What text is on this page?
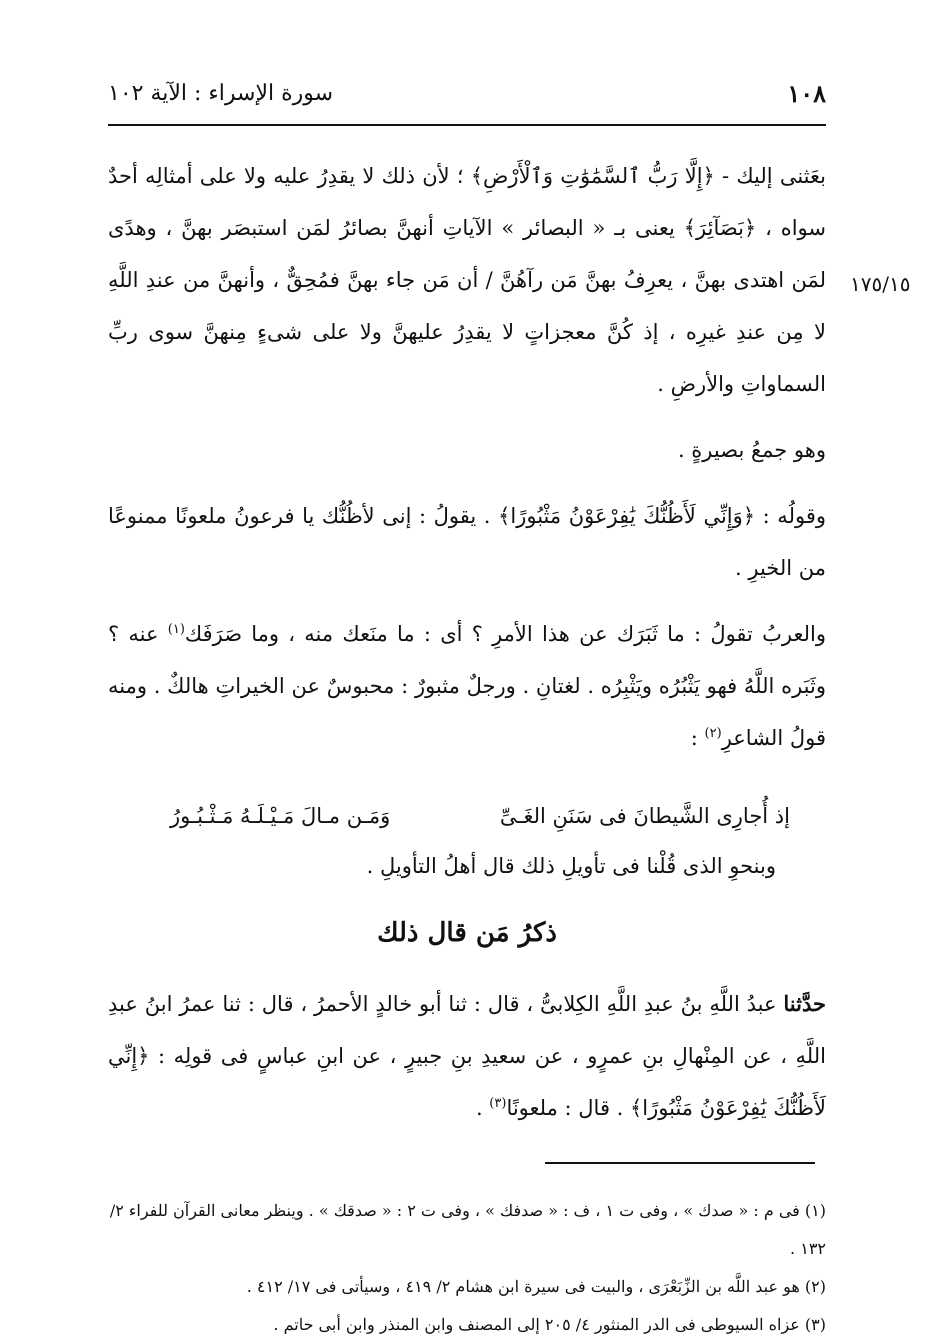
١٠٨
سورة الإسراء : الآية ١٠٢
١٧٥/١٥

بعَثنى إليك - ﴿إِلَّا رَبُّ ٱلسَّمَٰوَٰتِ وَٱلْأَرْضِ﴾ ؛ لأن ذلك لا يقدِرُ عليه ولا على أمثالِه أحدٌ سواه ، ﴿بَصَآئِرَ﴾ يعنى بـ « البصائر » الآياتِ أنهنَّ بصائرُ لمَن استبصَر بهنَّ ، وهدًى لمَن اهتدى بهنَّ ، يعرِفُ بهنَّ مَن رآهُنَّ / أن مَن جاء بهنَّ فمُحِقٌّ ، وأنهنَّ من عندِ اللَّهِ لا مِن عندِ غيرِه ، إذ كُنَّ معجزاتٍ لا يقدِرُ عليهنَّ ولا على شىءٍ مِنهنَّ سوى ربِّ السماواتِ والأرضِ .

وهو جمعُ بصيرةٍ .

وقولُه : ﴿وَإِنِّي لَأَظُنُّكَ يَٰفِرْعَوْنُ مَثْبُورًا﴾ . يقولُ : إنى لأظُنُّك يا فرعونُ ملعونًا ممنوعًا من الخيرِ .

والعربُ تقولُ : ما ثَبَرَك عن هذا الأمرِ ؟ أى : ما منَعك منه ، وما صَرَفَك$^{(١)}$ عنه ؟ وثَبَره اللَّهُ فهو يَثْبُرُه ويَثْبِرُه . لغتانِ . ورجلٌ مثبورٌ : محبوسٌ عن الخيراتِ هالكٌ . ومنه قولُ الشاعرِ$^{(٢)}$ :

إذ أُجارِى الشَّيطانَ فى سَنَنِ الغَـىِّ
وَمَـن مـالَ مَـيْـلَـهُ مَـثْـبُـورُ
وبنحوِ الذى قُلْنا فى تأويلِ ذلك قال أهلُ التأويلِ .
ذكرُ مَن قال ذلك

حدَّثنا عبدُ اللَّهِ بنُ عبدِ اللَّهِ الكِلابىُّ ، قال : ثنا أبو خالدٍ الأحمرُ ، قال : ثنا عمرُ ابنُ عبدِ اللَّهِ ، عن المِنْهالِ بنِ عمرٍو ، عن سعيدِ بنِ جبيرٍ ، عن ابنِ عباسٍ فى قولِه : ﴿إِنِّي لَأَظُنُّكَ يَٰفِرْعَوْنُ مَثْبُورًا﴾ . قال : ملعونًا$^{(٣)}$ .

(١) فى م : « صدك » ، وفى ت ١ ، ف : « صدفك » ، وفى ت ٢ : « صدقك » . وينظر معانى القرآن للفراء ٢/ ١٣٢ .

(٢) هو عبد اللَّه بن الزِّبَعْرَى ، والبيت فى سيرة ابن هشام ٢/ ٤١٩ ، وسيأتى فى ١٧/ ٤١٢ .

(٣) عزاه السيوطى فى الدر المنثور ٤/ ٢٠٥ إلى المصنف وابن المنذر وابن أبى حاتم .
